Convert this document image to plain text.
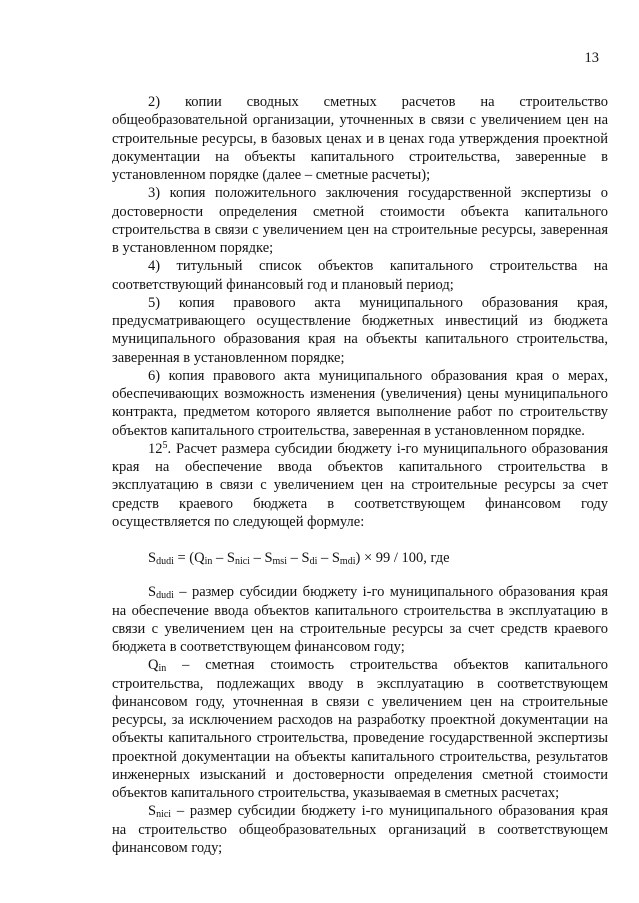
13

2) копии сводных сметных расчетов на строительство общеобразовательной организации, уточненных в связи с увеличением цен на строительные ресурсы, в базовых ценах и в ценах года утверждения проектной документации на объекты капитального строительства, заверенные в установленном порядке (далее – сметные расчеты);

3) копия положительного заключения государственной экспертизы о достоверности определения сметной стоимости объекта капитального строительства в связи с увеличением цен на строительные ресурсы, заверенная в установленном порядке;

4) титульный список объектов капитального строительства на соответствующий финансовый год и плановый период;

5) копия правового акта муниципального образования края, предусматривающего осуществление бюджетных инвестиций из бюджета муниципального образования края на объекты капитального строительства, заверенная в установленном порядке;

6) копия правового акта муниципального образования края о мерах, обеспечивающих возможность изменения (увеличения) цены муниципального контракта, предметом которого является выполнение работ по строительству объектов капитального строительства, заверенная в установленном порядке.

$12^5$. Расчет размера субсидии бюджету i-го муниципального образования края на обеспечение ввода объектов капитального строительства в эксплуатацию в связи с увеличением цен на строительные ресурсы за счет средств краевого бюджета в соответствующем финансовом году осуществляется по следующей формуле:

$S_{dudi} = (Q_{in} - S_{nici} - S_{msi} - S_{di} - S_{mdi}) \times 99 / 100$, где

$S_{dudi}$ – размер субсидии бюджету i-го муниципального образования края на обеспечение ввода объектов капитального строительства в эксплуатацию в связи с увеличением цен на строительные ресурсы за счет средств краевого бюджета в соответствующем финансовом году;

$Q_{in}$ – сметная стоимость строительства объектов капитального строительства, подлежащих вводу в эксплуатацию в соответствующем финансовом году, уточненная в связи с увеличением цен на строительные ресурсы, за исключением расходов на разработку проектной документации на объекты капитального строительства, проведение государственной экспертизы проектной документации на объекты капитального строительства, результатов инженерных изысканий и достоверности определения сметной стоимости объектов капитального строительства, указываемая в сметных расчетах;

$S_{nici}$ – размер субсидии бюджету i-го муниципального образования края на строительство общеобразовательных организаций в соответствующем финансовом году;
